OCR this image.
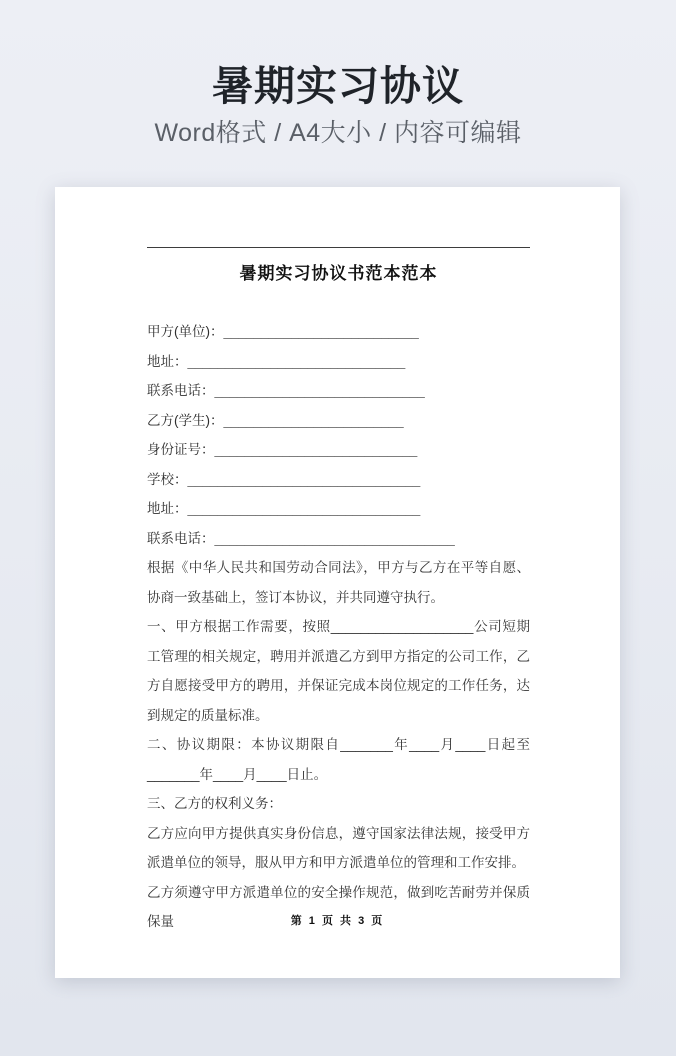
暑期实习协议
Word格式 / A4大小 / 内容可编辑
暑期实习协议书范本范本
甲方(单位)：__________________________
地址：_____________________________
联系电话：____________________________
乙方(学生)：________________________
身份证号：___________________________
学校：_______________________________
地址：_______________________________
联系电话：________________________________

根据《中华人民共和国劳动合同法》，甲方与乙方在平等自愿、协商一致基础上，签订本协议，并共同遵守执行。

一、甲方根据工作需要，按照___________________公司短期工管理的相关规定，聘用并派遣乙方到甲方指定的公司工作，乙方自愿接受甲方的聘用，并保证完成本岗位规定的工作任务，达到规定的质量标准。

二、协议期限：本协议期限自_______年____月____日起至_______年____月____日止。

三、乙方的权利义务：

乙方应向甲方提供真实身份信息，遵守国家法律法规，接受甲方派遣单位的领导，服从甲方和甲方派遣单位的管理和工作安排。

乙方须遵守甲方派遣单位的安全操作规范，做到吃苦耐劳并保质保量	第 1 页 共 3 页
